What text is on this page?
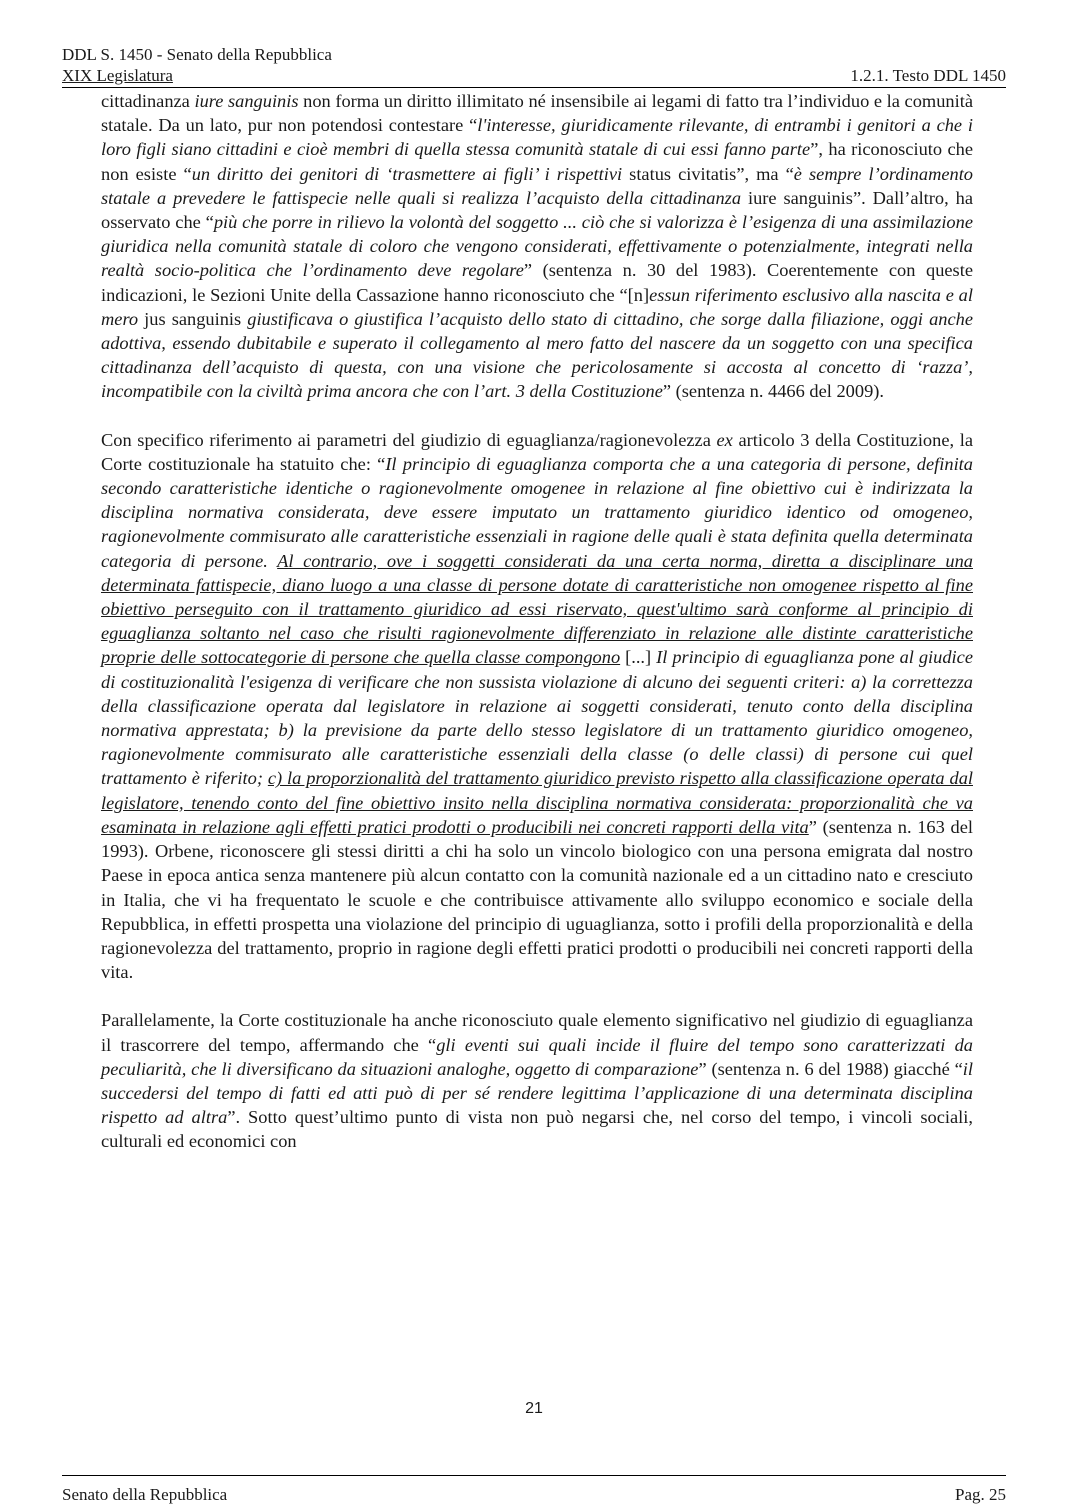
DDL S. 1450 - Senato della Repubblica
XIX Legislatura	1.2.1. Testo DDL 1450

cittadinanza iure sanguinis non forma un diritto illimitato né insensibile ai legami di fatto tra l’individuo e la comunità statale. Da un lato, pur non potendosi contestare “l'interesse, giuridicamente rilevante, di entrambi i genitori a che i loro figli siano cittadini e cioè membri di quella stessa comunità statale di cui essi fanno parte”, ha riconosciuto che non esiste “un diritto dei genitori di ‘trasmettere ai figli’ i rispettivi status civitatis”, ma “è sempre l’ordinamento statale a prevedere le fattispecie nelle quali si realizza l’acquisto della cittadinanza iure sanguinis”. Dall’altro, ha osservato che “più che porre in rilievo la volontà del soggetto ... ciò che si valorizza è l’esigenza di una assimilazione giuridica nella comunità statale di coloro che vengono considerati, effettivamente o potenzialmente, integrati nella realtà socio-politica che l’ordinamento deve regolare” (sentenza n. 30 del 1983). Coerentemente con queste indicazioni, le Sezioni Unite della Cassazione hanno riconosciuto che “[n]essun riferimento esclusivo alla nascita e al mero jus sanguinis giustificava o giustifica l’acquisto dello stato di cittadino, che sorge dalla filiazione, oggi anche adottiva, essendo dubitabile e superato il collegamento al mero fatto del nascere da un soggetto con una specifica cittadinanza dell’acquisto di questa, con una visione che pericolosamente si accosta al concetto di ‘razza’, incompatibile con la civiltà prima ancora che con l’art. 3 della Costituzione” (sentenza n. 4466 del 2009).

Con specifico riferimento ai parametri del giudizio di eguaglianza/ragionevolezza ex articolo 3 della Costituzione, la Corte costituzionale ha statuito che: “Il principio di eguaglianza comporta che a una categoria di persone, definita secondo caratteristiche identiche o ragionevolmente omogenee in relazione al fine obiettivo cui è indirizzata la disciplina normativa considerata, deve essere imputato un trattamento giuridico identico od omogeneo, ragionevolmente commisurato alle caratteristiche essenziali in ragione delle quali è stata definita quella determinata categoria di persone. Al contrario, ove i soggetti considerati da una certa norma, diretta a disciplinare una determinata fattispecie, diano luogo a una classe di persone dotate di caratteristiche non omogenee rispetto al fine obiettivo perseguito con il trattamento giuridico ad essi riservato, quest'ultimo sarà conforme al principio di eguaglianza soltanto nel caso che risulti ragionevolmente differenziato in relazione alle distinte caratteristiche proprie delle sottocategorie di persone che quella classe compongono [...] Il principio di eguaglianza pone al giudice di costituzionalità l'esigenza di verificare che non sussista violazione di alcuno dei seguenti criteri: a) la correttezza della classificazione operata dal legislatore in relazione ai soggetti considerati, tenuto conto della disciplina normativa apprestata; b) la previsione da parte dello stesso legislatore di un trattamento giuridico omogeneo, ragionevolmente commisurato alle caratteristiche essenziali della classe (o delle classi) di persone cui quel trattamento è riferito; c) la proporzionalità del trattamento giuridico previsto rispetto alla classificazione operata dal legislatore, tenendo conto del fine obiettivo insito nella disciplina normativa considerata: proporzionalità che va esaminata in relazione agli effetti pratici prodotti o producibili nei concreti rapporti della vita” (sentenza n. 163 del 1993). Orbene, riconoscere gli stessi diritti a chi ha solo un vincolo biologico con una persona emigrata dal nostro Paese in epoca antica senza mantenere più alcun contatto con la comunità nazionale ed a un cittadino nato e cresciuto in Italia, che vi ha frequentato le scuole e che contribuisce attivamente allo sviluppo economico e sociale della Repubblica, in effetti prospetta una violazione del principio di uguaglianza, sotto i profili della proporzionalità e della ragionevolezza del trattamento, proprio in ragione degli effetti pratici prodotti o producibili nei concreti rapporti della vita.

Parallelamente, la Corte costituzionale ha anche riconosciuto quale elemento significativo nel giudizio di eguaglianza il trascorrere del tempo, affermando che “gli eventi sui quali incide il fluire del tempo sono caratterizzati da peculiarità, che li diversificano da situazioni analoghe, oggetto di comparazione” (sentenza n. 6 del 1988) giacché “il succedersi del tempo di fatti ed atti può di per sé rendere legittima l’applicazione di una determinata disciplina rispetto ad altra”. Sotto quest’ultimo punto di vista non può negarsi che, nel corso del tempo, i vincoli sociali, culturali ed economici con

21
Senato della Repubblica	Pag. 25
